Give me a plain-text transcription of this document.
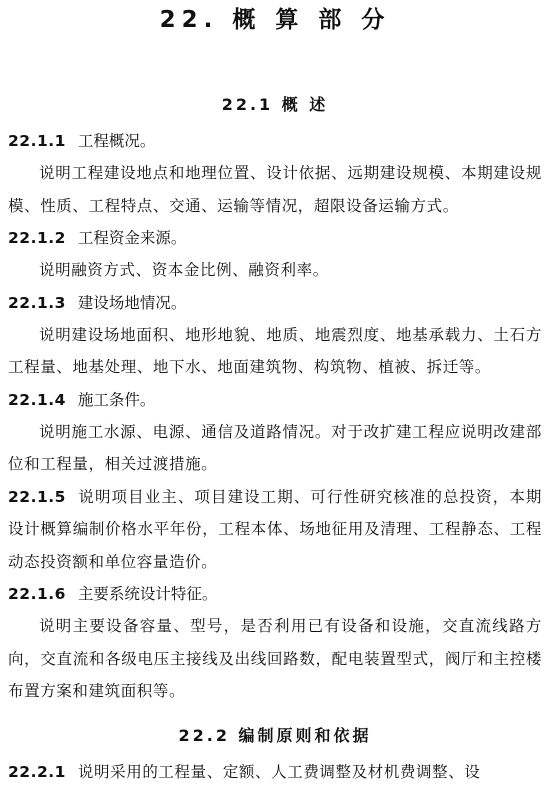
22. 概 算 部 分
22.1 概 述

22.1.1 工程概况。

说明工程建设地点和地理位置、设计依据、远期建设规模、本期建设规模、性质、工程特点、交通、运输等情况，超限设备运输方式。

22.1.2 工程资金来源。

说明融资方式、资本金比例、融资利率。

22.1.3 建设场地情况。

说明建设场地面积、地形地貌、地质、地震烈度、地基承载力、土石方工程量、地基处理、地下水、地面建筑物、构筑物、植被、拆迁等。

22.1.4 施工条件。

说明施工水源、电源、通信及道路情况。对于改扩建工程应说明改建部位和工程量，相关过渡措施。

22.1.5 说明项目业主、项目建设工期、可行性研究核准的总投资，本期设计概算编制价格水平年份，工程本体、场地征用及清理、工程静态、工程动态投资额和单位容量造价。

22.1.6 主要系统设计特征。

说明主要设备容量、型号，是否利用已有设备和设施，交直流线路方向，交直流和各级电压主接线及出线回路数，配电装置型式，阀厅和主控楼布置方案和建筑面积等。

22.2 编制原则和依据

22.2.1 说明采用的工程量、定额、人工费调整及材机费调整、设
